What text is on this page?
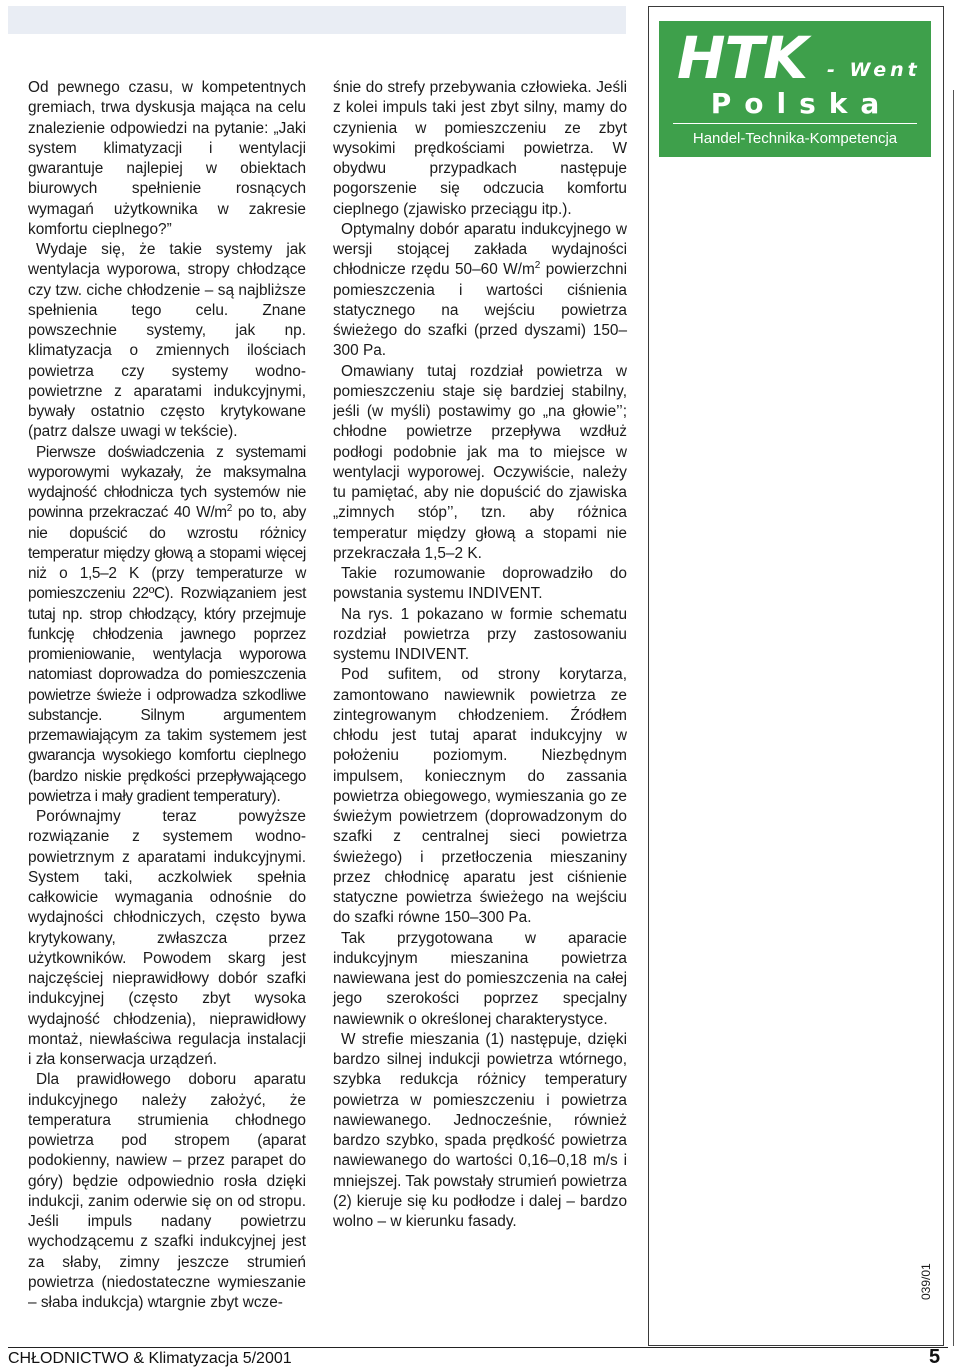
Od pewnego czasu, w kompetentnych gremiach, trwa dyskusja mająca na celu znalezienie odpowiedzi na pytanie: „Jaki system klimatyzacji i wentylacji gwarantuje najlepiej w obiektach biurowych spełnienie rosnących wymagań użytkownika w zakresie komfortu cieplnego?”

Wydaje się, że takie systemy jak wentylacja wyporowa, stropy chłodzące czy tzw. ciche chłodzenie – są najbliższe spełnienia tego celu. Znane powszechnie systemy, jak np. klimatyzacja o zmiennych ilościach powietrza czy systemy wodno-powietrzne z aparatami indukcyjnymi, bywały ostatnio często krytykowane (patrz dalsze uwagi w tekście).

Pierwsze doświadczenia z systemami wyporowymi wykazały, że maksymalna wydajność chłodnicza tych systemów nie powinna przekraczać 40 $W/m^2$ po to, aby nie dopuścić do wzrostu różnicy temperatur między głową a stopami więcej niż o 1,5–2 K (przy temperaturze w pomieszczeniu 22ºC). Rozwiązaniem jest tutaj np. strop chłodzący, który przejmuje funkcję chłodzenia jawnego poprzez promieniowanie, wentylacja wyporowa natomiast doprowadza do pomieszczenia powietrze świeże i odprowadza szkodliwe substancje. Silnym argumentem przemawiającym za takim systemem jest gwarancja wysokiego komfortu cieplnego (bardzo niskie prędkości przepływającego powietrza i mały gradient temperatury).

Porównajmy teraz powyższe rozwiązanie z systemem wodno-powietrznym z aparatami indukcyjnymi. System taki, aczkolwiek spełnia całkowicie wymagania odnośnie do wydajności chłodniczych, często bywa krytykowany, zwłaszcza przez użytkowników. Powodem skarg jest najczęściej nieprawidłowy dobór szafki indukcyjnej (często zbyt wysoka wydajność chłodzenia), nieprawidłowy montaż, niewłaściwa regulacja instalacji i zła konserwacja urządzeń.

Dla prawidłowego doboru aparatu indukcyjnego należy założyć, że temperatura strumienia chłodnego powietrza pod stropem (aparat podokienny, nawiew – przez parapet do góry) będzie odpowiednio rosła dzięki indukcji, zanim oderwie się on od stropu. Jeśli impuls nadany powietrzu wychodzącemu z szafki indukcyjnej jest za słaby, zimny jeszcze strumień powietrza (niedostateczne wymieszanie – słaba indukcja) wtargnie zbyt wcze-

śnie do strefy przebywania człowieka. Jeśli z kolei impuls taki jest zbyt silny, mamy do czynienia w pomieszczeniu ze zbyt wysokimi prędkościami powietrza. W obydwu przypadkach następuje pogorszenie się odczucia komfortu cieplnego (zjawisko przeciągu itp.).

Optymalny dobór aparatu indukcyjnego w wersji stojącej zakłada wydajności chłodnicze rzędu 50–60 $W/m^2$ powierzchni pomieszczenia i wartości ciśnienia statycznego na wejściu powietrza świeżego do szafki (przed dyszami) 150–300 Pa.

Omawiany tutaj rozdział powietrza w pomieszczeniu staje się bardziej stabilny, jeśli (w myśli) postawimy go „na głowie’’; chłodne powietrze przepływa wzdłuż podłogi podobnie jak ma to miejsce w wentylacji wyporowej. Oczywiście, należy tu pamiętać, aby nie dopuścić do zjawiska „zimnych stóp’’, tzn. aby różnica temperatur między głową a stopami nie przekraczała 1,5–2 K.

Takie rozumowanie doprowadziło do powstania systemu INDIVENT.

Na rys. 1 pokazano w formie schematu rozdział powietrza przy zastosowaniu systemu INDIVENT.

Pod sufitem, od strony korytarza, zamontowano nawiewnik powietrza ze zintegrowanym chłodzeniem. Źródłem chłodu jest tutaj aparat indukcyjny w położeniu poziomym. Niezbędnym impulsem, koniecznym do zassania powietrza obiegowego, wymieszania go ze świeżym powietrzem (doprowadzonym do szafki z centralnej sieci powietrza świeżego) i przetłoczenia mieszaniny przez chłodnicę aparatu jest ciśnienie statyczne powietrza świeżego na wejściu do szafki równe 150–300 Pa.

Tak przygotowana w aparacie indukcyjnym mieszanina powietrza nawiewana jest do pomieszczenia na całej jego szerokości poprzez specjalny nawiewnik o określonej charakterystyce.

W strefie mieszania (1) następuje, dzięki bardzo silnej indukcji powietrza wtórnego, szybka redukcja różnicy temperatury powietrza w pomieszczeniu i powietrza nawiewanego. Jednocześnie, również bardzo szybko, spada prędkość powietrza nawiewanego do wartości 0,16–0,18 m/s i mniejszej. Tak powstały strumień powietrza (2) kieruje się ku podłodze i dalej – bardzo wolno – w kierunku fasady.

HTK - Went
Polska
Handel-Technika-Kompetencja
039/01
CHŁODNICTWO & Klimatyzacja 5/2001	5
